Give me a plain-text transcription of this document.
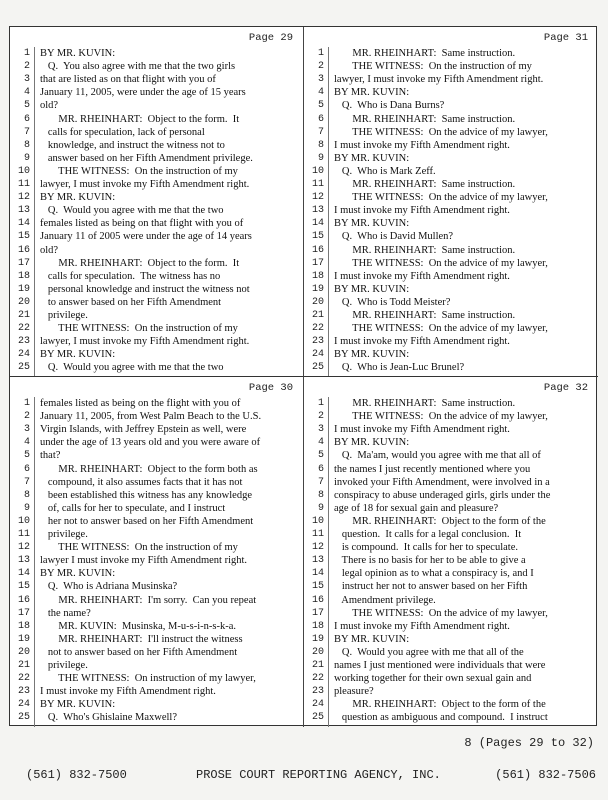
Page 29
1 BY MR. KUVIN:
2 Q.  You also agree with me that the two girls
3 that are listed as on that flight with you of
4 January 11, 2005, were under the age of 15 years
5 old?
6 MR. RHEINHART:  Object to the form.  It
7 calls for speculation, lack of personal
8 knowledge, and instruct the witness not to
9 answer based on her Fifth Amendment privilege.
10 THE WITNESS:  On the instruction of my
11 lawyer, I must invoke my Fifth Amendment right.
12 BY MR. KUVIN:
13 Q.  Would you agree with me that the two
14 females listed as being on that flight with you of
15 January 11 of 2005 were under the age of 14 years
16 old?
17 MR. RHEINHART:  Object to the form.  It
18 calls for speculation.  The witness has no
19 personal knowledge and instruct the witness not
20 to answer based on her Fifth Amendment
21 privilege.
22 THE WITNESS:  On the instruction of my
23 lawyer, I must invoke my Fifth Amendment right.
24 BY MR. KUVIN:
25 Q.  Would you agree with me that the two
Page 31
1 MR. RHEINHART:  Same instruction.
2 THE WITNESS:  On the instruction of my
3 lawyer, I must invoke my Fifth Amendment right.
4 BY MR. KUVIN:
5 Q.  Who is Dana Burns?
6 MR. RHEINHART:  Same instruction.
7 THE WITNESS:  On the advice of my lawyer,
8 I must invoke my Fifth Amendment right.
9 BY MR. KUVIN:
10 Q.  Who is Mark Zeff.
11 MR. RHEINHART:  Same instruction.
12 THE WITNESS:  On the advice of my lawyer,
13 I must invoke my Fifth Amendment right.
14 BY MR. KUVIN:
15 Q.  Who is David Mullen?
16 MR. RHEINHART:  Same instruction.
17 THE WITNESS:  On the advice of my lawyer,
18 I must invoke my Fifth Amendment right.
19 BY MR. KUVIN:
20 Q.  Who is Todd Meister?
21 MR. RHEINHART:  Same instruction.
22 THE WITNESS:  On the advice of my lawyer,
23 I must invoke my Fifth Amendment right.
24 BY MR. KUVIN:
25 Q.  Who is Jean-Luc Brunel?
Page 30
1 females listed as being on the flight with you of
2 January 11, 2005, from West Palm Beach to the U.S.
3 Virgin Islands, with Jeffrey Epstein as well, were
4 under the age of 13 years old and you were aware of
5 that?
6 MR. RHEINHART:  Object to the form both as
7 compound, it also assumes facts that it has not
8 been established this witness has any knowledge
9 of, calls for her to speculate, and I instruct
10 her not to answer based on her Fifth Amendment
11 privilege.
12 THE WITNESS:  On the instruction of my
13 lawyer I must invoke my Fifth Amendment right.
14 BY MR. KUVIN:
15 Q.  Who is Adriana Musinska?
16 MR. RHEINHART:  I'm sorry.  Can you repeat
17 the name?
18 MR. KUVIN:  Musinska, M-u-s-i-n-s-k-a.
19 MR. RHEINHART:  I'll instruct the witness
20 not to answer based on her Fifth Amendment
21 privilege.
22 THE WITNESS:  On instruction of my lawyer,
23 I must invoke my Fifth Amendment right.
24 BY MR. KUVIN:
25 Q.  Who's Ghislaine Maxwell?
Page 32
1 MR. RHEINHART:  Same instruction.
2 THE WITNESS:  On the advice of my lawyer,
3 I must invoke my Fifth Amendment right.
4 BY MR. KUVIN:
5 Q.  Ma'am, would you agree with me that all of
6 the names I just recently mentioned where you
7 invoked your Fifth Amendment, were involved in a
8 conspiracy to abuse underaged girls, girls under the
9 age of 18 for sexual gain and pleasure?
10 MR. RHEINHART:  Object to the form of the
11 question.  It calls for a legal conclusion.  It
12 is compound.  It calls for her to speculate.
13 There is no basis for her to be able to give a
14 legal opinion as to what a conspiracy is, and I
15 instruct her not to answer based on her Fifth
16 Amendment privilege.
17 THE WITNESS:  On the advice of my lawyer,
18 I must invoke my Fifth Amendment right.
19 BY MR. KUVIN:
20 Q.  Would you agree with me that all of the
21 names I just mentioned were individuals that were
22 working together for their own sexual gain and
23 pleasure?
24 MR. RHEINHART:  Object to the form of the
25 question as ambiguous and compound.  I instruct
8 (Pages 29 to 32)
(561) 832-7500	PROSE COURT REPORTING AGENCY, INC.	(561) 832-7506
